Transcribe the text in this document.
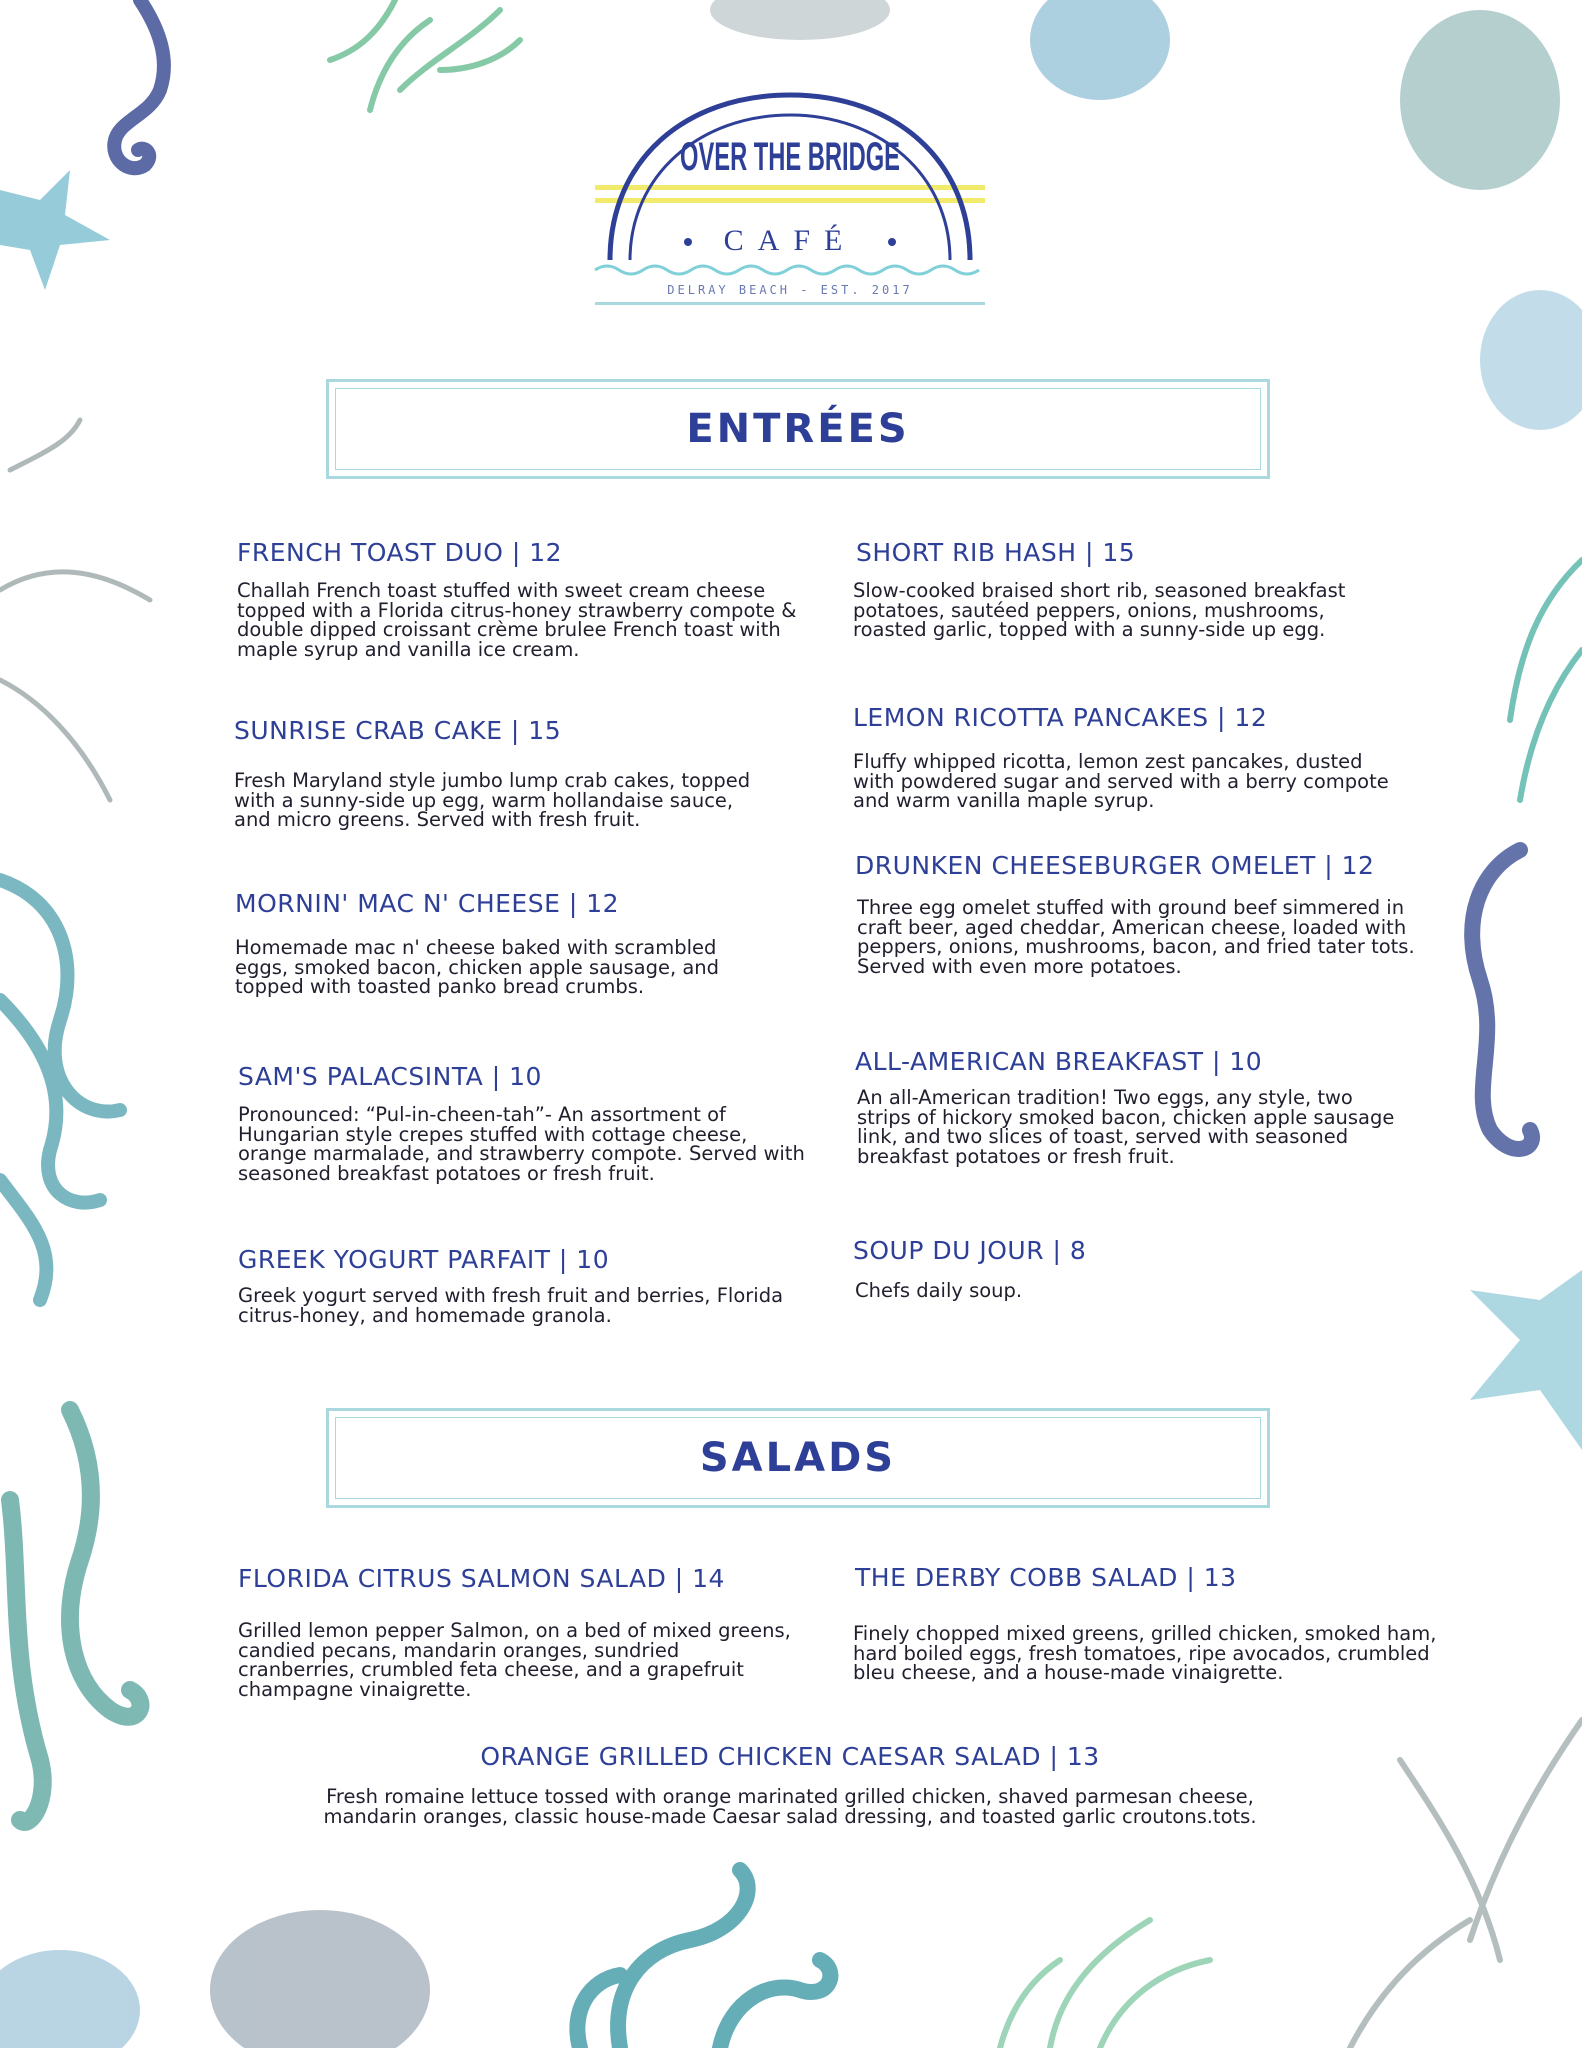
OVER THE BRIDGE
CAFÉ
DELRAY BEACH - EST. 2017
ENTRÉES
FRENCH TOAST DUO | 12
Challah French toast stuffed with sweet cream cheese topped with a Florida citrus-honey strawberry compote & double dipped croissant crème brulee French toast with maple syrup and vanilla ice cream.
SUNRISE CRAB CAKE | 15
Fresh Maryland style jumbo lump crab cakes, topped with a sunny-side up egg, warm hollandaise sauce, and micro greens. Served with fresh fruit.
MORNIN' MAC N' CHEESE | 12
Homemade mac n' cheese baked with scrambled eggs, smoked bacon, chicken apple sausage, and topped with toasted panko bread crumbs.
SAM'S PALACSINTA | 10
Pronounced: “Pul-in-cheen-tah”- An assortment of Hungarian style crepes stuffed with cottage cheese, orange marmalade, and strawberry compote. Served with seasoned breakfast potatoes or fresh fruit.
GREEK YOGURT PARFAIT | 10
Greek yogurt served with fresh fruit and berries, Florida citrus-honey, and homemade granola.
SHORT RIB HASH | 15
Slow-cooked braised short rib, seasoned breakfast potatoes, sautéed peppers, onions, mushrooms, roasted garlic, topped with a sunny-side up egg.
LEMON RICOTTA PANCAKES | 12
Fluffy whipped ricotta, lemon zest pancakes, dusted with powdered sugar and served with a berry compote and warm vanilla maple syrup.
DRUNKEN CHEESEBURGER OMELET | 12
Three egg omelet stuffed with ground beef simmered in craft beer, aged cheddar, American cheese, loaded with peppers, onions, mushrooms, bacon, and fried tater tots. Served with even more potatoes.
ALL-AMERICAN BREAKFAST | 10
An all-American tradition! Two eggs, any style, two strips of hickory smoked bacon, chicken apple sausage link, and two slices of toast, served with seasoned breakfast potatoes or fresh fruit.
SOUP DU JOUR | 8
Chefs daily soup.
SALADS
FLORIDA CITRUS SALMON SALAD | 14
Grilled lemon pepper Salmon, on a bed of mixed greens, candied pecans, mandarin oranges, sundried cranberries, crumbled feta cheese, and a grapefruit champagne vinaigrette.
THE DERBY COBB SALAD | 13
Finely chopped mixed greens, grilled chicken, smoked ham, hard boiled eggs, fresh tomatoes, ripe avocados, crumbled bleu cheese, and a house-made vinaigrette.
ORANGE GRILLED CHICKEN CAESAR SALAD | 13
Fresh romaine lettuce tossed with orange marinated grilled chicken, shaved parmesan cheese, mandarin oranges, classic house-made Caesar salad dressing, and toasted garlic croutons.tots.
